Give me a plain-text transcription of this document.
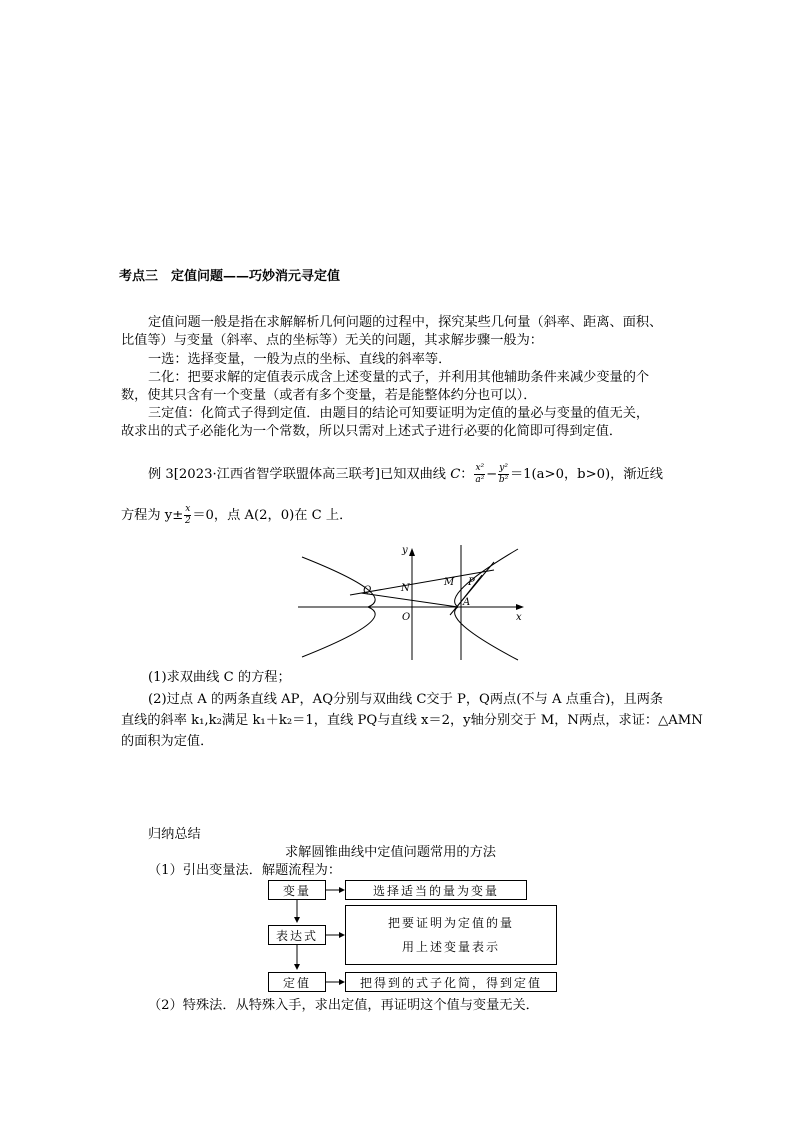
考点三　定值问题——巧妙消元寻定值
定值问题一般是指在求解解析几何问题的过程中，探究某些几何量（斜率、距离、面积、
比值等）与变量（斜率、点的坐标等）无关的问题，其求解步骤一般为：
一选：选择变量，一般为点的坐标、直线的斜率等．
二化：把要求解的定值表示成含上述变量的式子，并利用其他辅助条件来减少变量的个
数，使其只含有一个变量（或者有多个变量，若是能整体约分也可以）．
三定值：化简式子得到定值．由题目的结论可知要证明为定值的量必与变量的值无关，
故求出的式子必能化为一个常数，所以只需对上述式子进行必要的化简即可得到定值．
例 3[2023·江西省智学联盟体高三联考]已知双曲线 C： $\frac{\text{x²}}{\text{a²}} - \frac{\text{y²}}{\text{b²}} =1(a>0$，b>0)，渐近线
方程为 $y\pm \frac{x}{2} =0$，点 A(2，0)在 C 上．
y
x
O
Q	N
M P
A
(1)求双曲线 C 的方程；
(2)过点 A 的两条直线 AP，AQ分别与双曲线 C交于 P，Q两点(不与 A 点重合)，且两条
直线的斜率 k₁,k₂满足 k₁＋k₂＝1，直线 PQ与直线 x＝2，y轴分别交于 M，N两点，求证：△AMN
的面积为定值．
归纳总结
求解圆锥曲线中定值问题常用的方法
（1）引出变量法．解题流程为：
变量	选择适当的量为变量
表达式
把要证明为定值的量
用上述变量表示
定值	把得到的式子化简，得到定值
（2）特殊法．从特殊入手，求出定值，再证明这个值与变量无关．
